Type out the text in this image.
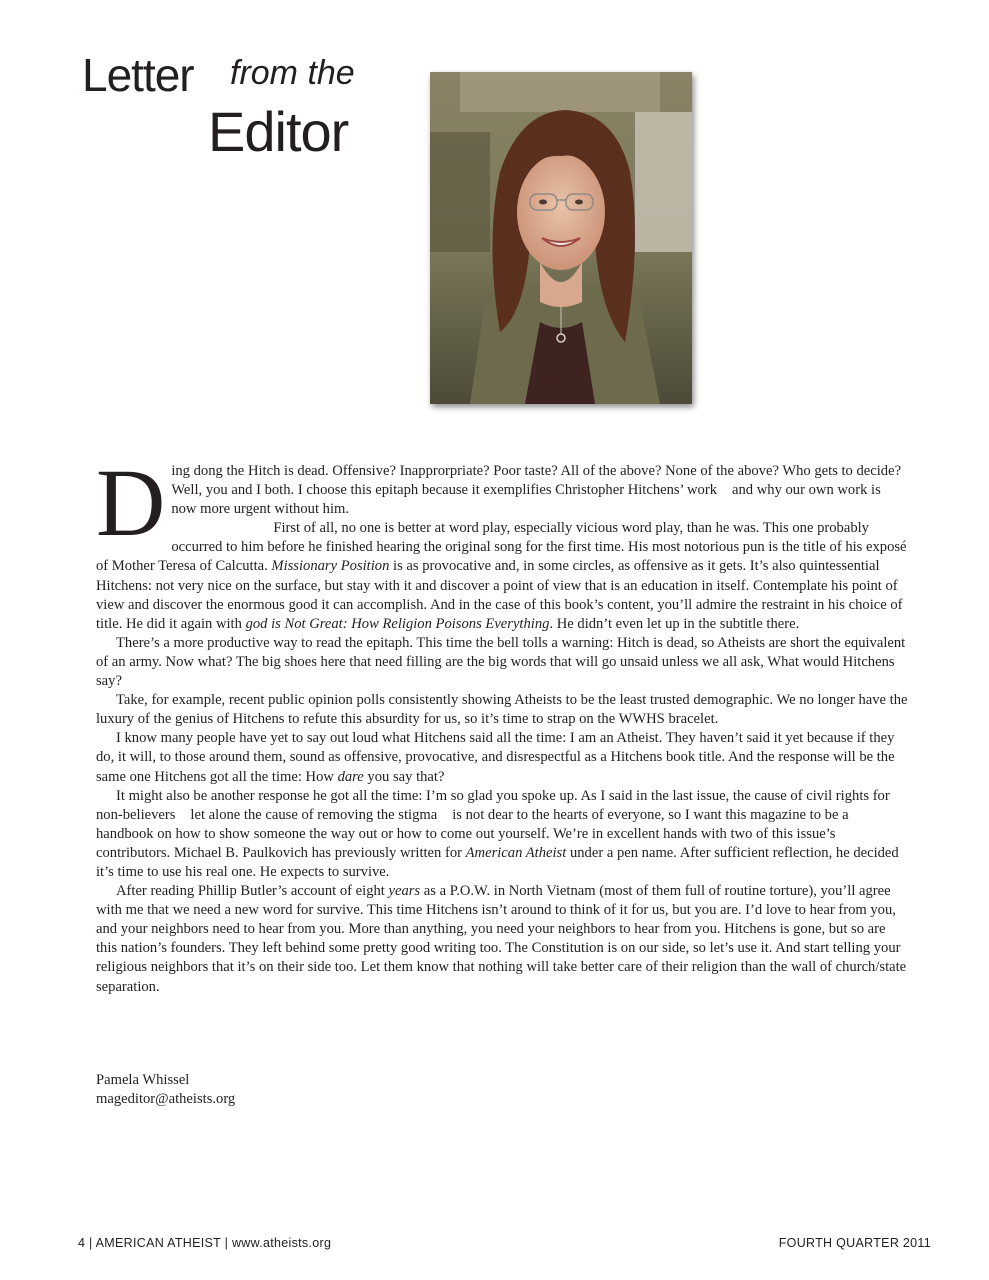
Letter from the
Editor

Ding dong the Hitch is dead. Offensive? Inapprorpriate? Poor taste? All of the above? None of the above? Who gets to decide? Well, you and I both. I choose this epitaph because it exemplifies Christopher Hitchens’ work  and why our own work is now more urgent without him.

First of all, no one is better at word play, especially vicious word play, than he was. This one probably occurred to him before he finished hearing the original song for the first time. His most notorious pun is the title of his exposé of Mother Teresa of Calcutta. Missionary Position is as provocative and, in some circles, as offensive as it gets. It’s also quintessential Hitchens: not very nice on the surface, but stay with it and discover a point of view that is an education in itself. Contemplate his point of view and discover the enormous good it can accomplish. And in the case of this book’s content, you’ll admire the restraint in his choice of title. He did it again with god is Not Great: How Religion Poisons Everything. He didn’t even let up in the subtitle there.

There’s a more productive way to read the epitaph. This time the bell tolls a warning: Hitch is dead, so Atheists are short the equivalent of an army. Now what? The big shoes here that need filling are the big words that will go unsaid unless we all ask, What would Hitchens say?

Take, for example, recent public opinion polls consistently showing Atheists to be the least trusted demographic. We no longer have the luxury of the genius of Hitchens to refute this absurdity for us, so it’s time to strap on the WWHS bracelet.

I know many people have yet to say out loud what Hitchens said all the time: I am an Atheist. They haven’t said it yet because if they do, it will, to those around them, sound as offensive, provocative, and disrespectful as a Hitchens book title. And the response will be the same one Hitchens got all the time: How dare you say that?

It might also be another response he got all the time: I’m so glad you spoke up. As I said in the last issue, the cause of civil rights for non-believers  let alone the cause of removing the stigma  is not dear to the hearts of everyone, so I want this magazine to be a handbook on how to show someone the way out or how to come out yourself. We’re in excellent hands with two of this issue’s contributors. Michael B. Paulkovich has previously written for American Atheist under a pen name. After sufficient reflection, he decided it’s time to use his real one. He expects to survive.

After reading Phillip Butler’s account of eight years as a P.O.W. in North Vietnam (most of them full of routine torture), you’ll agree with me that we need a new word for survive. This time Hitchens isn’t around to think of it for us, but you are. I’d love to hear from you, and your neighbors need to hear from you. More than anything, you need your neighbors to hear from you. Hitchens is gone, but so are this nation’s founders. They left behind some pretty good writing too. The Constitution is on our side, so let’s use it. And start telling your religious neighbors that it’s on their side too. Let them know that nothing will take better care of their religion than the wall of church/state separation.

Pamela Whissel
mageditor@atheists.org
4 | AMERICAN ATHEIST | www.atheists.org	FOURTH QUARTER 2011
